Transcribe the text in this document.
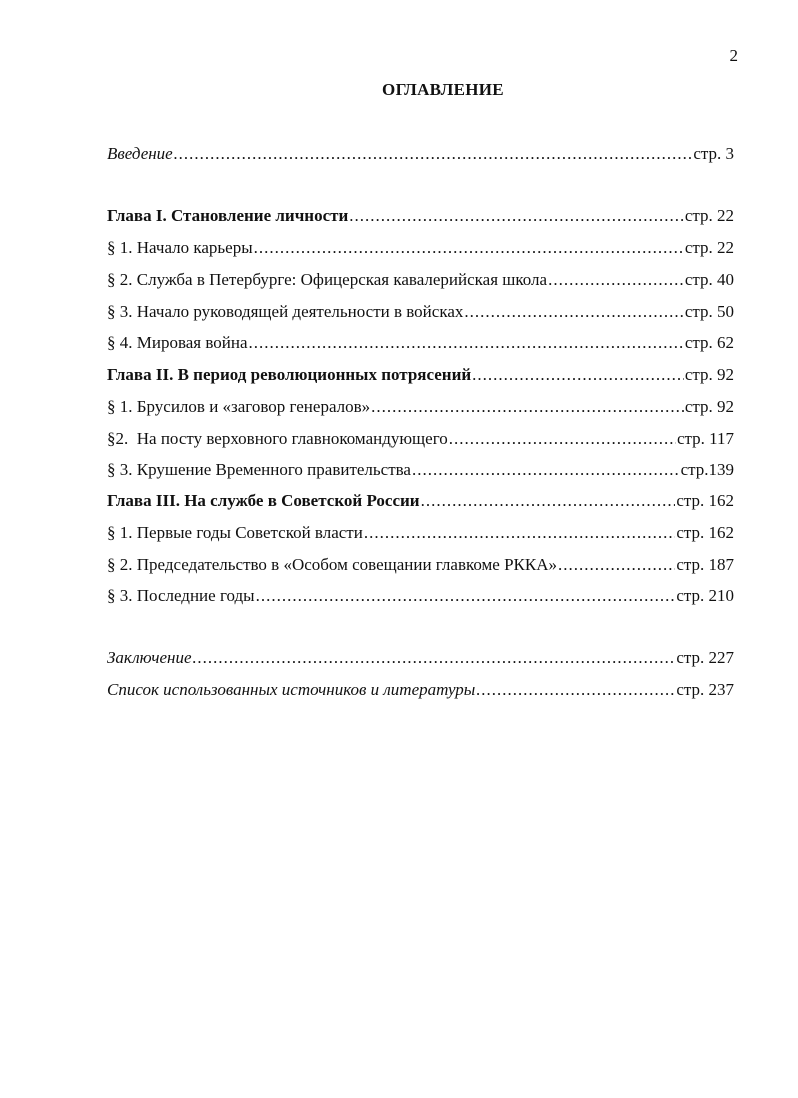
2
ОГЛАВЛЕНИЕ
Введение .....	стр. 3
Глава I. Становление личности .....	стр. 22
§ 1. Начало карьеры .....	стр. 22
§ 2. Служба в Петербурге: Офицерская кавалерийская школа .....	стр. 40
§ 3. Начало руководящей деятельности в войсках .....	стр. 50
§ 4. Мировая война .....	стр. 62
Глава II. В период революционных потрясений .....	стр. 92
§ 1. Брусилов и «заговор генералов» .....	стр. 92
§2.  На посту верховного главнокомандующего .....	стр. 117
§ 3. Крушение Временного правительства .....	стр.139
Глава III. На службе в Советской России .....	стр. 162
§ 1. Первые годы Советской власти .....	стр. 162
§ 2. Председательство в «Особом совещании главкоме РККА» .....	стр. 187
§ 3. Последние годы .....	стр. 210
Заключение .....	стр. 227
Список использованных источников и литературы .....	стр. 237
